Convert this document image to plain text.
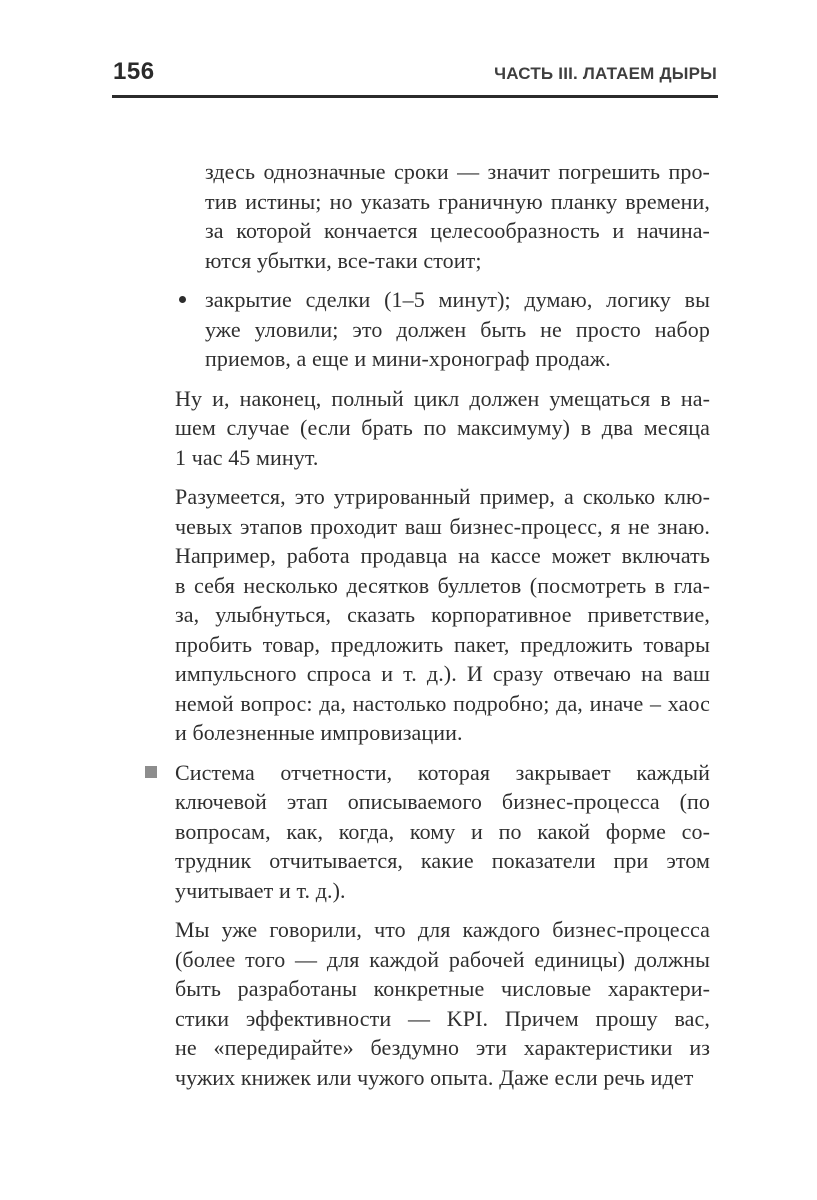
156	ЧАСТЬ III. ЛАТАЕМ ДЫРЫ
здесь однозначные сроки — значит погрешить про-
тив истины; но указать граничную планку времени,
за которой кончается целесообразность и начина-
ются убытки, все-таки стоит;
закрытие сделки (1–5 минут); думаю, логику вы
уже уловили; это должен быть не просто набор
приемов, а еще и мини-хронограф продаж.
Ну и, наконец, полный цикл должен умещаться в на-
шем случае (если брать по максимуму) в два месяца
1 час 45 минут.
Разумеется, это утрированный пример, а сколько клю-
чевых этапов проходит ваш бизнес-процесс, я не знаю.
Например, работа продавца на кассе может включать
в себя несколько десятков буллетов (посмотреть в гла-
за, улыбнуться, сказать корпоративное приветствие,
пробить товар, предложить пакет, предложить товары
импульсного спроса и т. д.). И сразу отвечаю на ваш
немой вопрос: да, настолько подробно; да, иначе – хаос
и болезненные импровизации.
Система отчетности, которая закрывает каждый
ключевой этап описываемого бизнес-процесса (по
вопросам, как, когда, кому и по какой форме со-
трудник отчитывается, какие показатели при этом
учитывает и т. д.).
Мы уже говорили, что для каждого бизнес-процесса
(более того — для каждой рабочей единицы) должны
быть разработаны конкретные числовые характери-
стики эффективности — KPI. Причем прошу вас,
не «передирайте» бездумно эти характеристики из
чужих книжек или чужого опыта. Даже если речь идет
